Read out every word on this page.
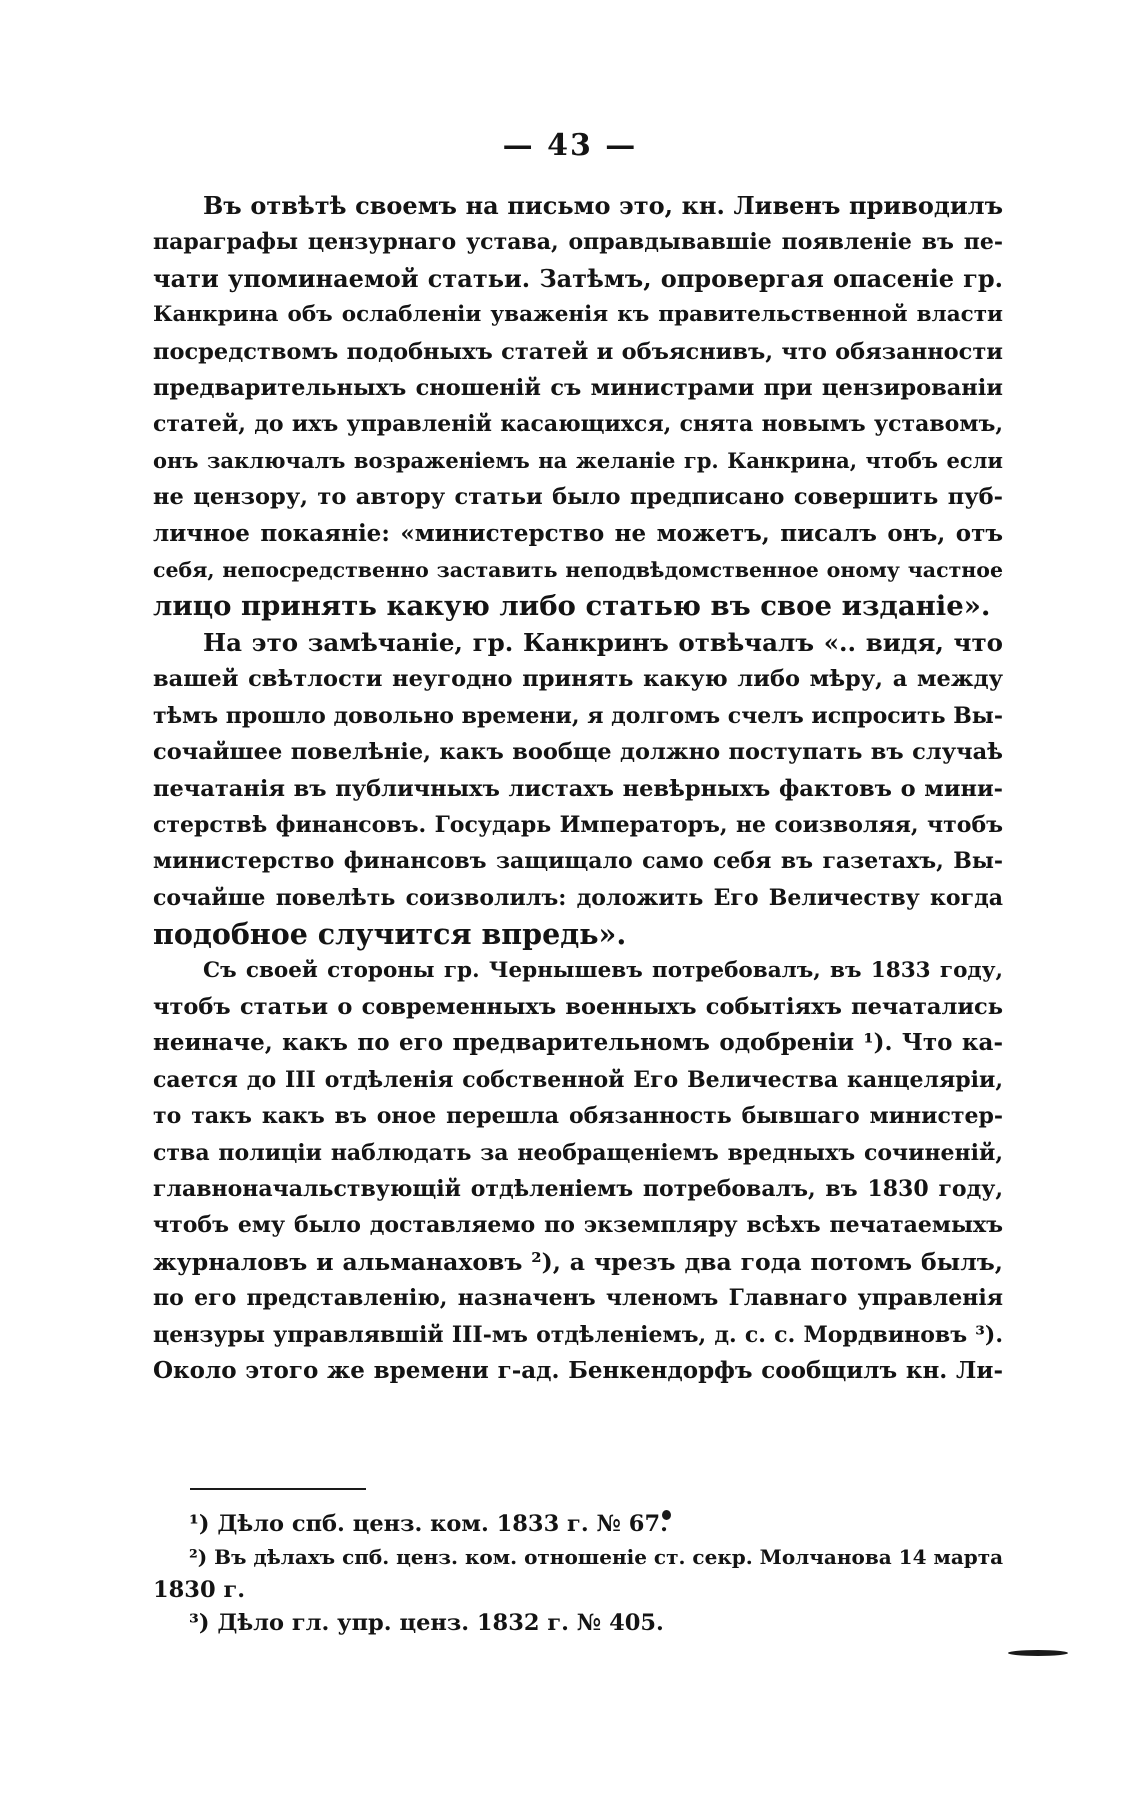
— 43 —
Въ отвѣтѣ своемъ на письмо это, кн. Ливенъ приводилъ
параграфы цензурнаго устава, оправдывавшіе появленіе въ пе-
чати упоминаемой статьи. Затѣмъ, опровергая опасеніе гр.
Канкрина объ ослабленіи уваженія къ правительственной власти
посредствомъ подобныхъ статей и объяснивъ, что обязанности
предварительныхъ сношеній съ министрами при цензированіи
статей, до ихъ управленій касающихся, снята новымъ уставомъ,
онъ заключалъ возраженіемъ на желаніе гр. Канкрина, чтобъ если
не цензору, то автору статьи было предписано совершить пуб-
личное покаяніе: «министерство не можетъ, писалъ онъ, отъ
себя, непосредственно заставить неподвѣдомственное оному частное
лицо принять какую либо статью въ свое изданіе».
На это замѣчаніе, гр. Канкринъ отвѣчалъ «.. видя, что
вашей свѣтлости неугодно принять какую либо мѣру, а между
тѣмъ прошло довольно времени, я долгомъ счелъ испросить Вы-
сочайшее повелѣніе, какъ вообще должно поступать въ случаѣ
печатанія въ публичныхъ листахъ невѣрныхъ фактовъ о мини-
стерствѣ финансовъ. Государь Императоръ, не соизволяя, чтобъ
министерство финансовъ защищало само себя въ газетахъ, Вы-
сочайше повелѣть соизволилъ: доложить Его Величеству когда
подобное случится впредь».
Съ своей стороны гр. Чернышевъ потребовалъ, въ 1833 году,
чтобъ статьи о современныхъ военныхъ событіяхъ печатались
неиначе, какъ по его предварительномъ одобреніи ¹). Что ка-
сается до III отдѣленія собственной Его Величества канцеляріи,
то такъ какъ въ оное перешла обязанность бывшаго министер-
ства полиціи наблюдать за необращеніемъ вредныхъ сочиненій,
главноначальствующій отдѣленіемъ потребовалъ, въ 1830 году,
чтобъ ему было доставляемо по экземпляру всѣхъ печатаемыхъ
журналовъ и альманаховъ ²), а чрезъ два года потомъ былъ,
по его представленію, назначенъ членомъ Главнаго управленія
цензуры управлявшій III-мъ отдѣленіемъ, д. с. с. Мордвиновъ ³).
Около этого же времени г-ад. Бенкендорфъ сообщилъ кн. Ли-
¹) Дѣло спб. ценз. ком. 1833 г. № 67.
²) Въ дѣлахъ спб. ценз. ком. отношеніе ст. секр. Молчанова 14 марта
1830 г.
³) Дѣло гл. упр. ценз. 1832 г. № 405.
